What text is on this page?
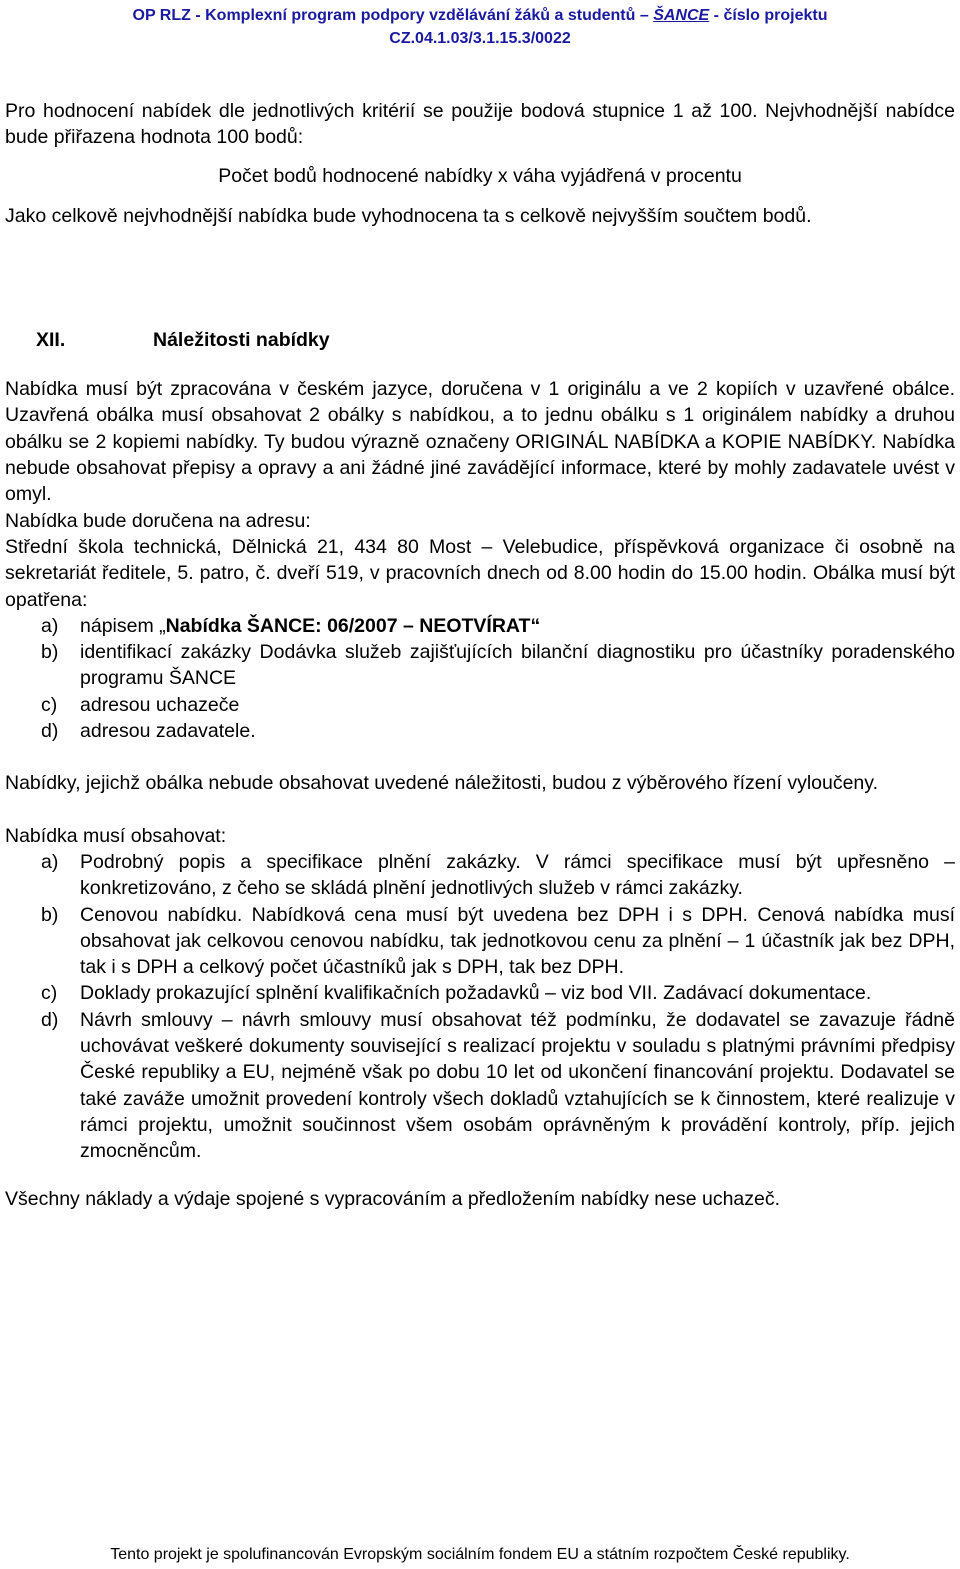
OP RLZ - Komplexní program podpory vzdělávání žáků a studentů – ŠANCE - číslo projektu
CZ.04.1.03/3.1.15.3/0022

Pro hodnocení nabídek dle jednotlivých kritérií se použije bodová stupnice 1 až 100. Nejvhodnější nabídce bude přiřazena hodnota 100 bodů:

Počet bodů hodnocené nabídky x váha vyjádřená v procentu

Jako celkově nejvhodnější nabídka bude vyhodnocena ta s celkově nejvyšším součtem bodů.

XII.	Náležitosti nabídky

Nabídka musí být zpracována v českém jazyce, doručena v 1 originálu a ve 2 kopiích v uzavřené obálce. Uzavřená obálka musí obsahovat 2 obálky s nabídkou, a to jednu obálku s 1 originálem nabídky a druhou obálku se 2 kopiemi nabídky. Ty budou výrazně označeny ORIGINÁL NABÍDKA a KOPIE NABÍDKY. Nabídka nebude obsahovat přepisy a opravy a ani žádné jiné zavádějící informace, které by mohly zadavatele uvést v omyl.

Nabídka bude doručena na adresu:

Střední škola technická, Dělnická 21, 434 80 Most – Velebudice, příspěvková organizace či osobně na sekretariát ředitele, 5. patro, č. dveří 519, v pracovních dnech od 8.00 hodin do 15.00 hodin. Obálka musí být opatřena:

a) nápisem „Nabídka ŠANCE: 06/2007 – NEOTVÍRAT“
b) identifikací zakázky Dodávka služeb zajišťujících bilanční diagnostiku pro účastníky poradenského programu ŠANCE
c) adresou uchazeče
d) adresou zadavatele.

Nabídky, jejichž obálka nebude obsahovat uvedené náležitosti, budou z výběrového řízení vyloučeny.

Nabídka musí obsahovat:

a) Podrobný popis a specifikace plnění zakázky. V rámci specifikace musí být upřesněno – konkretizováno, z čeho se skládá plnění jednotlivých služeb v rámci zakázky.
b) Cenovou nabídku. Nabídková cena musí být uvedena bez DPH i s DPH. Cenová nabídka musí obsahovat jak celkovou cenovou nabídku, tak jednotkovou cenu za plnění – 1 účastník jak bez DPH, tak i s DPH a celkový počet účastníků jak s DPH, tak bez DPH.
c) Doklady prokazující splnění kvalifikačních požadavků – viz bod VII. Zadávací dokumentace.
d) Návrh smlouvy – návrh smlouvy musí obsahovat též podmínku, že dodavatel se zavazuje řádně uchovávat veškeré dokumenty související s realizací projektu v souladu s platnými právními předpisy České republiky a EU, nejméně však po dobu 10 let od ukončení financování projektu. Dodavatel se také zaváže umožnit provedení kontroly všech dokladů vztahujících se k činnostem, které realizuje v rámci projektu, umožnit součinnost všem osobám oprávněným k provádění kontroly, příp. jejich zmocněncům.

Všechny náklady a výdaje spojené s vypracováním a předložením nabídky nese uchazeč.

Tento projekt je spolufinancován Evropským sociálním fondem EU a státním rozpočtem České republiky.
